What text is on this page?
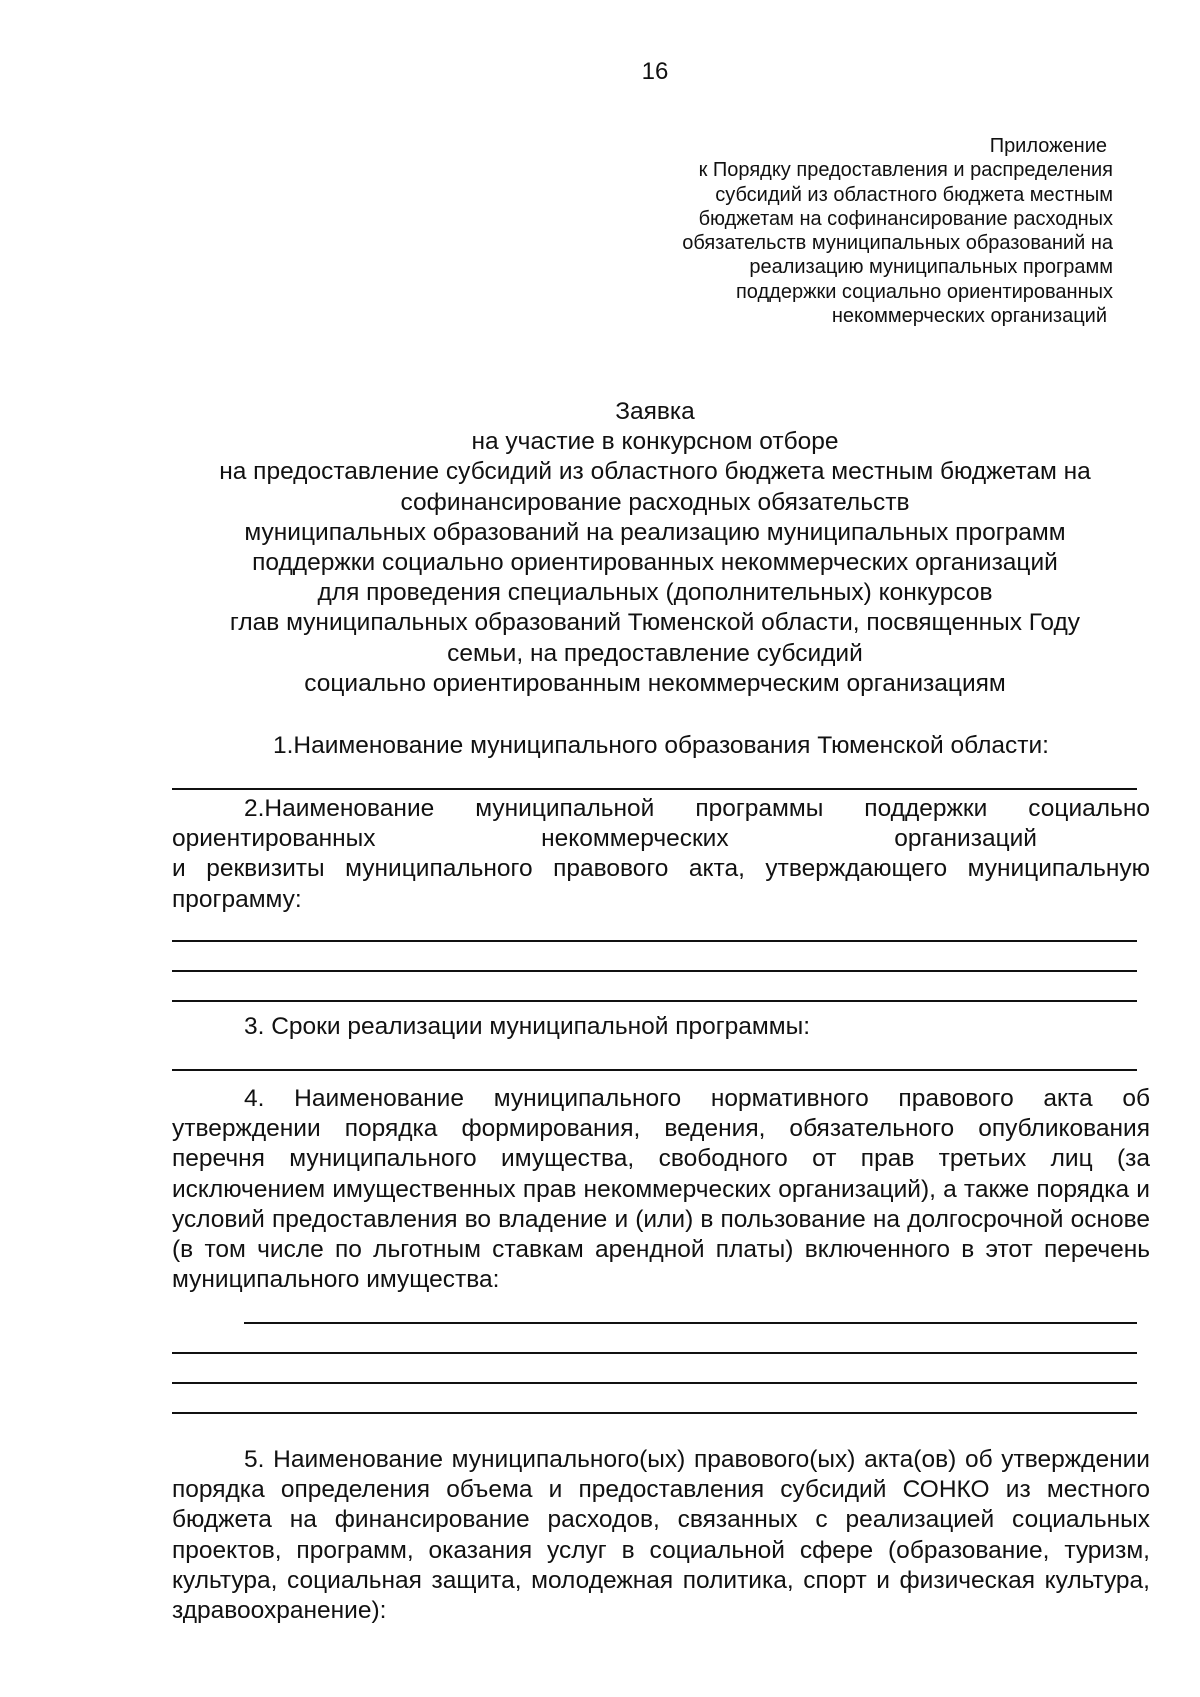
16
Приложение
к Порядку предоставления и распределения
субсидий из областного бюджета местным
бюджетам на софинансирование расходных
обязательств муниципальных образований на
реализацию муниципальных программ
поддержки социально ориентированных
некоммерческих организаций
Заявка
на участие в конкурсном отборе
на предоставление субсидий из областного бюджета местным бюджетам на
софинансирование расходных обязательств
муниципальных образований на реализацию муниципальных программ
поддержки социально ориентированных некоммерческих организаций
для проведения специальных (дополнительных) конкурсов
глав муниципальных образований Тюменской области, посвященных Году
семьи, на предоставление субсидий
социально ориентированным некоммерческим организациям
1.Наименование муниципального образования Тюменской области:
2.Наименование муниципальной программы поддержки социально
ориентированных	некоммерческих	организаций
и реквизиты муниципального правового акта, утверждающего муниципальную программу:
3. Сроки реализации муниципальной программы:
4. Наименование муниципального нормативного правового акта об утверждении порядка формирования, ведения, обязательного опубликования перечня муниципального имущества, свободного от прав третьих лиц (за исключением имущественных прав некоммерческих организаций), а также порядка и условий предоставления во владение и (или) в пользование на долгосрочной основе (в том числе по льготным ставкам арендной платы) включенного в этот перечень муниципального имущества:
5. Наименование муниципального(ых) правового(ых) акта(ов) об утверждении порядка определения объема и предоставления субсидий СОНКО из местного бюджета на финансирование расходов, связанных с реализацией социальных проектов, программ, оказания услуг в социальной сфере (образование, туризм, культура, социальная защита, молодежная политика, спорт и физическая культура, здравоохранение):
